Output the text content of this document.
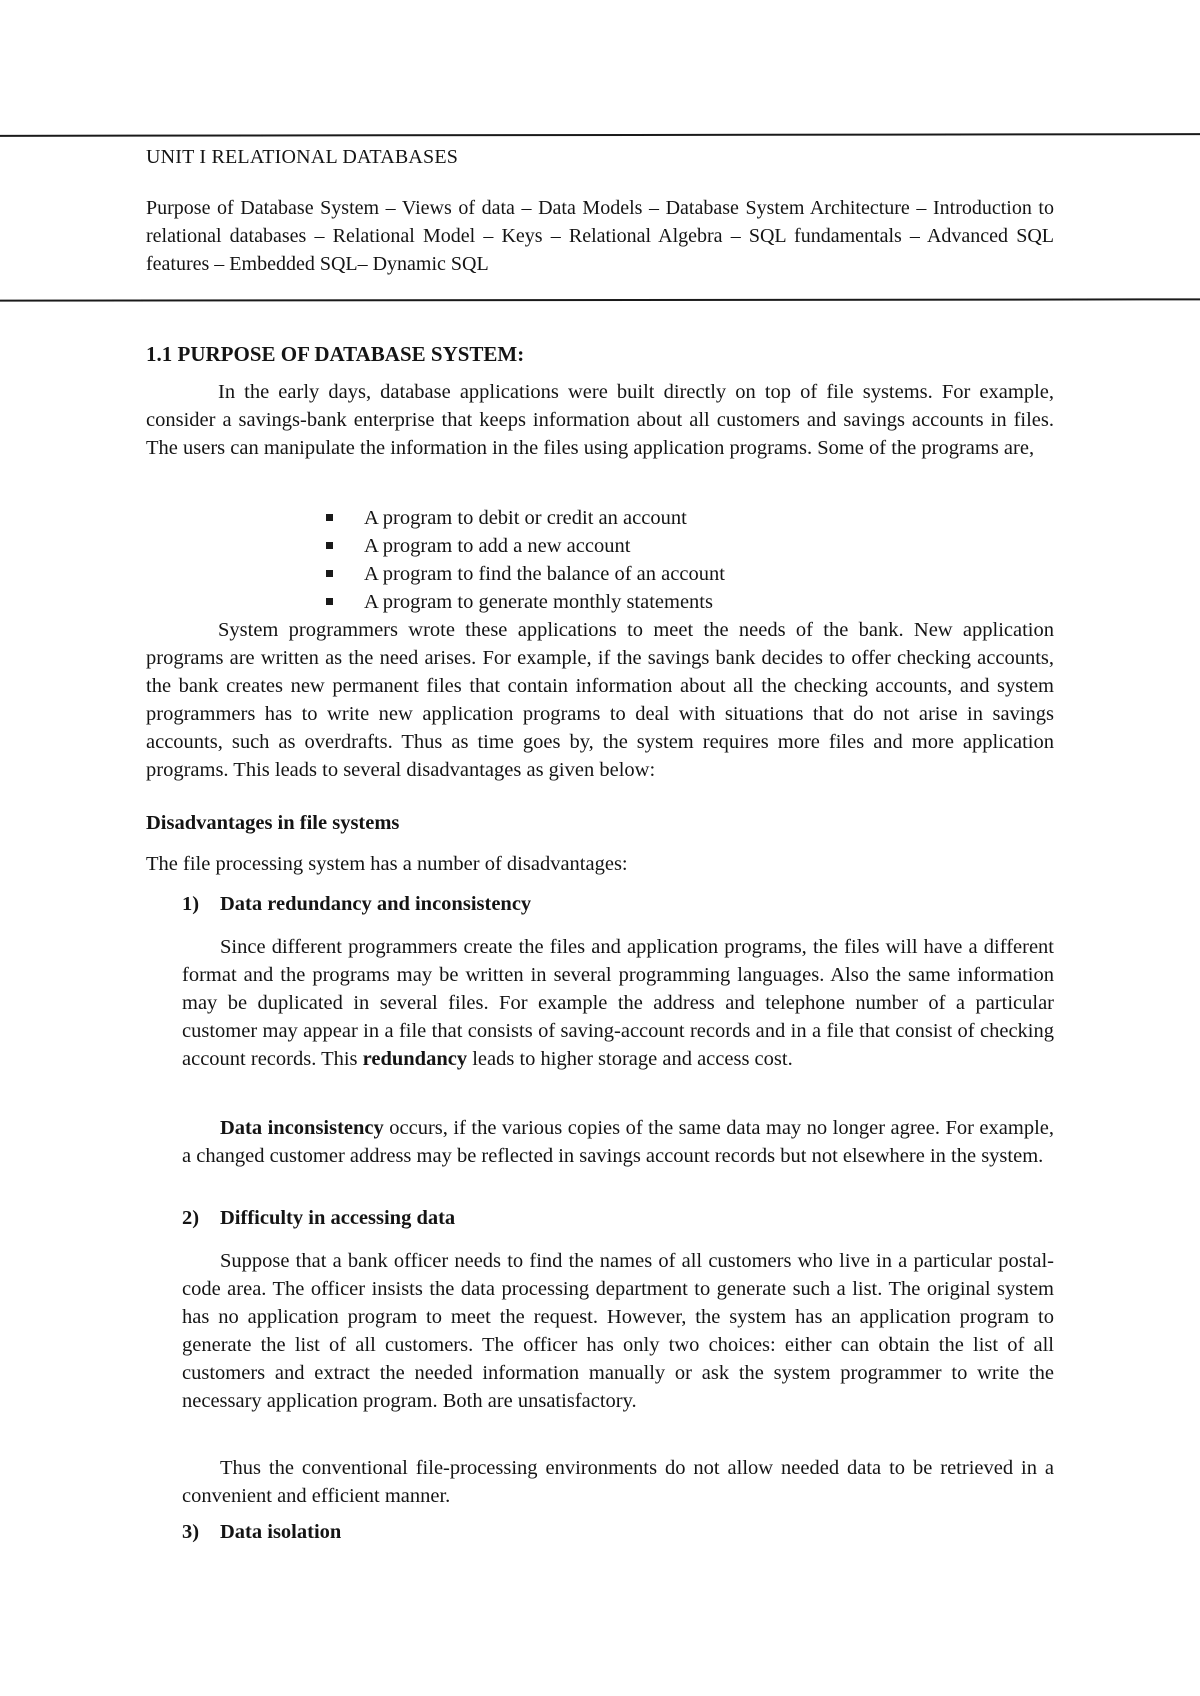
UNIT I RELATIONAL DATABASES
Purpose of Database System – Views of data – Data Models – Database System Architecture – Introduction to relational databases – Relational Model – Keys – Relational Algebra – SQL fundamentals – Advanced SQL features – Embedded SQL– Dynamic SQL
1.1 PURPOSE OF DATABASE SYSTEM:
In the early days, database applications were built directly on top of file systems. For example, consider a savings-bank enterprise that keeps information about all customers and savings accounts in files. The users can manipulate the information in the files using application programs. Some of the programs are,
A program to debit or credit an account
A program to add a new account
A program to find the balance of an account
A program to generate monthly statements
System programmers wrote these applications to meet the needs of the bank. New application programs are written as the need arises. For example, if the savings bank decides to offer checking accounts, the bank creates new permanent files that contain information about all the checking accounts, and system programmers has to write new application programs to deal with situations that do not arise in savings accounts, such as overdrafts. Thus as time goes by, the system requires more files and more application programs. This leads to several disadvantages as given below:
Disadvantages in file systems
The file processing system has a number of disadvantages:
1) Data redundancy and inconsistency
Since different programmers create the files and application programs, the files will have a different format and the programs may be written in several programming languages. Also the same information may be duplicated in several files. For example the address and telephone number of a particular customer may appear in a file that consists of saving-account records and in a file that consist of checking account records. This redundancy leads to higher storage and access cost.
Data inconsistency occurs, if the various copies of the same data may no longer agree. For example, a changed customer address may be reflected in savings account records but not elsewhere in the system.
2) Difficulty in accessing data
Suppose that a bank officer needs to find the names of all customers who live in a particular postal-code area. The officer insists the data processing department to generate such a list. The original system has no application program to meet the request. However, the system has an application program to generate the list of all customers. The officer has only two choices: either can obtain the list of all customers and extract the needed information manually or ask the system programmer to write the necessary application program. Both are unsatisfactory.
Thus the conventional file-processing environments do not allow needed data to be retrieved in a convenient and efficient manner.
3) Data isolation
